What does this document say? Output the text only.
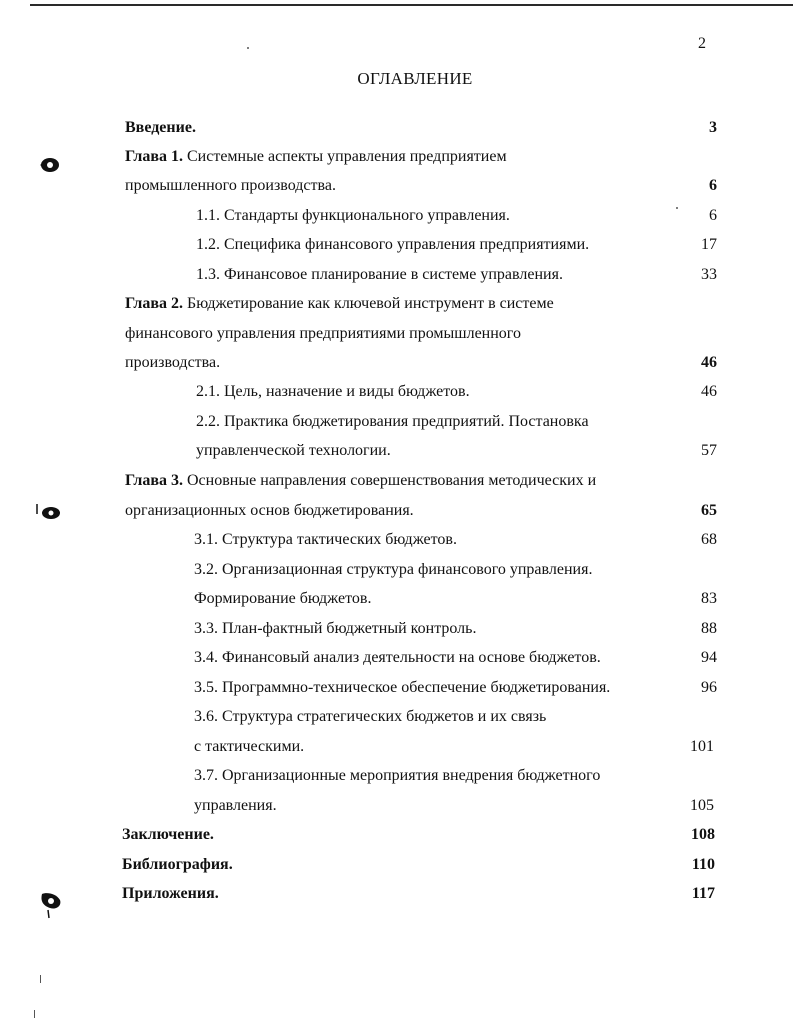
2
ОГЛАВЛЕНИЕ
Введение.	3
Глава 1. Системные аспекты управления предприятием
промышленного производства.	6
1.1. Стандарты функционального управления.	6
1.2. Специфика финансового управления предприятиями.	17
1.3. Финансовое планирование в системе управления.	33
Глава 2. Бюджетирование как ключевой инструмент в системе
финансового управления предприятиями промышленного
производства.	46
2.1. Цель, назначение и виды бюджетов.	46
2.2. Практика бюджетирования предприятий. Постановка
управленческой технологии.	57
Глава 3. Основные направления совершенствования методических и
организационных основ бюджетирования.	65
3.1. Структура тактических бюджетов.	68
3.2. Организационная структура финансового управления.
Формирование бюджетов.	83
3.3. План-фактный бюджетный контроль.	88
3.4. Финансовый анализ деятельности на основе бюджетов.	94
3.5. Программно-техническое обеспечение бюджетирования.	96
3.6. Структура стратегических бюджетов и их связь
с тактическими.	101
3.7. Организационные мероприятия внедрения бюджетного
управления.	105
Заключение.	108
Библиография.	110
Приложения.	117
